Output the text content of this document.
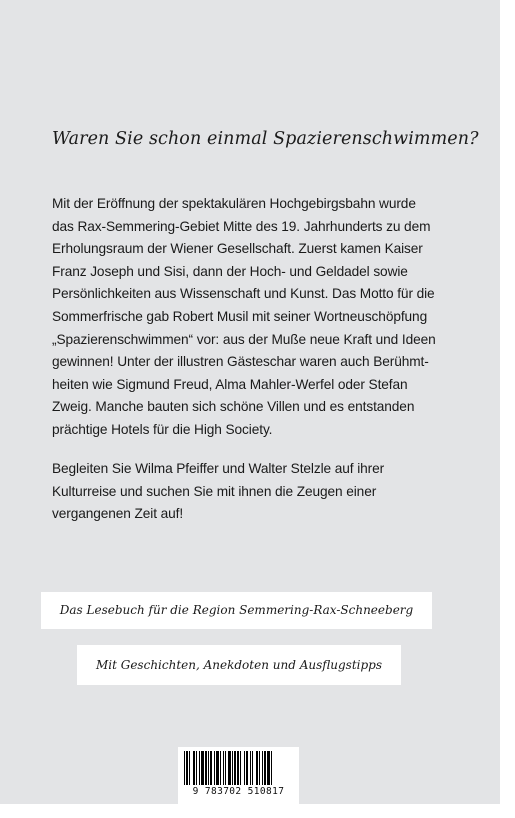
Waren Sie schon einmal Spazierenschwimmen?
Mit der Eröffnung der spektakulären Hochgebirgsbahn wurde
das Rax-Semmering-Gebiet Mitte des 19. Jahrhunderts zu dem
Erholungsraum der Wiener Gesellschaft. Zuerst kamen Kaiser
Franz Joseph und Sisi, dann der Hoch- und Geldadel sowie
Persönlichkeiten aus Wissenschaft und Kunst. Das Motto für die
Sommerfrische gab Robert Musil mit seiner Wortneuschöpfung
„Spazierenschwimmen“ vor: aus der Muße neue Kraft und Ideen
gewinnen! Unter der illustren Gästeschar waren auch Berühmt-
heiten wie Sigmund Freud, Alma Mahler-Werfel oder Stefan
Zweig. Manche bauten sich schöne Villen und es entstanden
prächtige Hotels für die High Society.
Begleiten Sie Wilma Pfeiffer und Walter Stelzle auf ihrer
Kulturreise und suchen Sie mit ihnen die Zeugen einer
vergangenen Zeit auf!
Das Lesebuch für die Region Semmering-Rax-Schneeberg
Mit Geschichten, Anekdoten und Ausflugstipps
9 783702 510817
